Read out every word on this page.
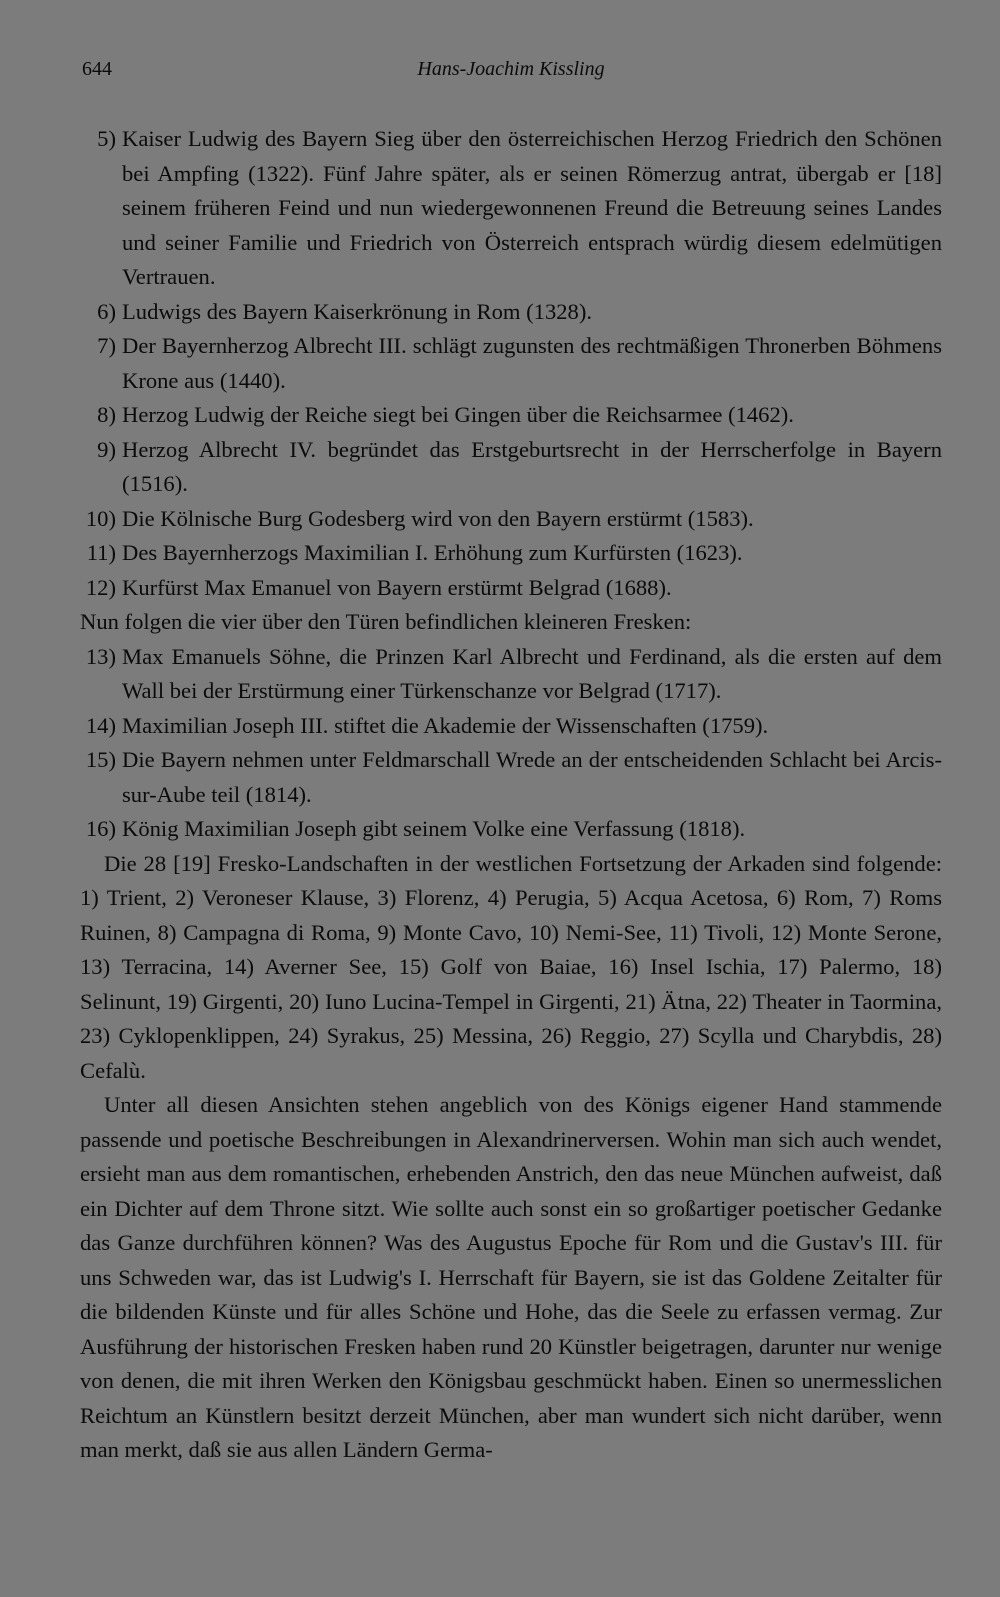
644	Hans-Joachim Kissling
5) Kaiser Ludwig des Bayern Sieg über den österreichischen Herzog Friedrich den Schönen bei Ampfing (1322). Fünf Jahre später, als er seinen Römerzug antrat, übergab er [18] seinem früheren Feind und nun wiedergewonnenen Freund die Betreuung seines Landes und seiner Familie und Friedrich von Österreich entsprach würdig diesem edelmütigen Vertrauen.
6) Ludwigs des Bayern Kaiserkrönung in Rom (1328).
7) Der Bayernherzog Albrecht III. schlägt zugunsten des rechtmäßigen Thronerben Böhmens Krone aus (1440).
8) Herzog Ludwig der Reiche siegt bei Gingen über die Reichsarmee (1462).
9) Herzog Albrecht IV. begründet das Erstgeburtsrecht in der Herrscherfolge in Bayern (1516).
10) Die Kölnische Burg Godesberg wird von den Bayern erstürmt (1583).
11) Des Bayernherzogs Maximilian I. Erhöhung zum Kurfürsten (1623).
12) Kurfürst Max Emanuel von Bayern erstürmt Belgrad (1688).

Nun folgen die vier über den Türen befindlichen kleineren Fresken:

13) Max Emanuels Söhne, die Prinzen Karl Albrecht und Ferdinand, als die ersten auf dem Wall bei der Erstürmung einer Türkenschanze vor Belgrad (1717).
14) Maximilian Joseph III. stiftet die Akademie der Wissenschaften (1759).
15) Die Bayern nehmen unter Feldmarschall Wrede an der entscheidenden Schlacht bei Arcis-sur-Aube teil (1814).
16) König Maximilian Joseph gibt seinem Volke eine Verfassung (1818).

Die 28 [19] Fresko-Landschaften in der westlichen Fortsetzung der Arkaden sind folgende: 1) Trient, 2) Veroneser Klause, 3) Florenz, 4) Perugia, 5) Acqua Acetosa, 6) Rom, 7) Roms Ruinen, 8) Campagna di Roma, 9) Monte Cavo, 10) Nemi-See, 11) Tivoli, 12) Monte Serone, 13) Terracina, 14) Averner See, 15) Golf von Baiae, 16) Insel Ischia, 17) Palermo, 18) Selinunt, 19) Girgenti, 20) Iuno Lucina-Tempel in Girgenti, 21) Ätna, 22) Theater in Taormina, 23) Cyklopenklippen, 24) Syrakus, 25) Messina, 26) Reggio, 27) Scylla und Charybdis, 28) Cefalù.

Unter all diesen Ansichten stehen angeblich von des Königs eigener Hand stammende passende und poetische Beschreibungen in Alexandrinerversen. Wohin man sich auch wendet, ersieht man aus dem romantischen, erhebenden Anstrich, den das neue München aufweist, daß ein Dichter auf dem Throne sitzt. Wie sollte auch sonst ein so großartiger poetischer Gedanke das Ganze durchführen können? Was des Augustus Epoche für Rom und die Gustav's III. für uns Schweden war, das ist Ludwig's I. Herrschaft für Bayern, sie ist das Goldene Zeitalter für die bildenden Künste und für alles Schöne und Hohe, das die Seele zu erfassen vermag. Zur Ausführung der historischen Fresken haben rund 20 Künstler beigetragen, darunter nur wenige von denen, die mit ihren Werken den Königsbau geschmückt haben. Einen so unermesslichen Reichtum an Künstlern besitzt derzeit München, aber man wundert sich nicht darüber, wenn man merkt, daß sie aus allen Ländern Germa-
